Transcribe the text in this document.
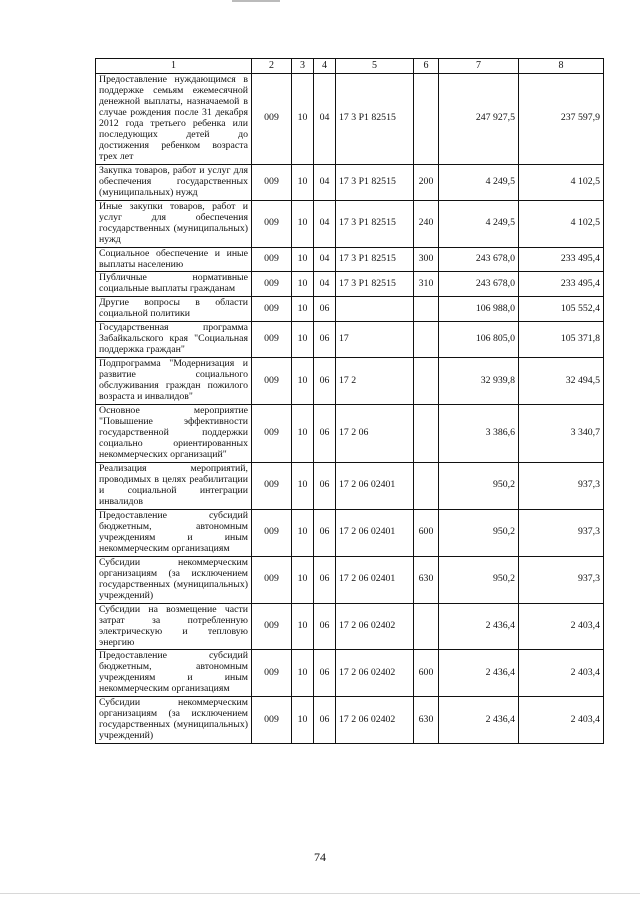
1	2	3	4	5	6	7	8
Предоставление нуждающимся в поддержке семьям ежемесячной денежной выплаты, назначаемой в случае рождения после 31 декабря 2012 года третьего ребенка или последующих детей до достижения ребенком возраста трех лет	009	10	04	17 3 P1 82515		247 927,5	237 597,9
Закупка товаров, работ и услуг для обеспечения государственных (муниципальных) нужд	009	10	04	17 3 P1 82515	200	4 249,5	4 102,5
Иные закупки товаров, работ и услуг для обеспечения государственных (муниципальных) нужд	009	10	04	17 3 P1 82515	240	4 249,5	4 102,5
Социальное обеспечение и иные выплаты населению	009	10	04	17 3 P1 82515	300	243 678,0	233 495,4
Публичные нормативные социальные выплаты гражданам	009	10	04	17 3 P1 82515	310	243 678,0	233 495,4
Другие вопросы в области социальной политики	009	10	06			106 988,0	105 552,4
Государственная программа Забайкальского края "Социальная поддержка граждан"	009	10	06	17		106 805,0	105 371,8
Подпрограмма "Модернизация и развитие социального обслуживания граждан пожилого возраста и инвалидов"	009	10	06	17 2		32 939,8	32 494,5
Основное мероприятие "Повышение эффективности государственной поддержки социально ориентированных некоммерческих организаций"	009	10	06	17 2 06		3 386,6	3 340,7
Реализация мероприятий, проводимых в целях реабилитации и социальной интеграции инвалидов	009	10	06	17 2 06 02401		950,2	937,3
Предоставление субсидий бюджетным, автономным учреждениям и иным некоммерческим организациям	009	10	06	17 2 06 02401	600	950,2	937,3
Субсидии некоммерческим организациям (за исключением государственных (муниципальных) учреждений)	009	10	06	17 2 06 02401	630	950,2	937,3
Субсидии на возмещение части затрат за потребленную электрическую и тепловую энергию	009	10	06	17 2 06 02402		2 436,4	2 403,4
Предоставление субсидий бюджетным, автономным учреждениям и иным некоммерческим организациям	009	10	06	17 2 06 02402	600	2 436,4	2 403,4
Субсидии некоммерческим организациям (за исключением государственных (муниципальных) учреждений)	009	10	06	17 2 06 02402	630	2 436,4	2 403,4
74
